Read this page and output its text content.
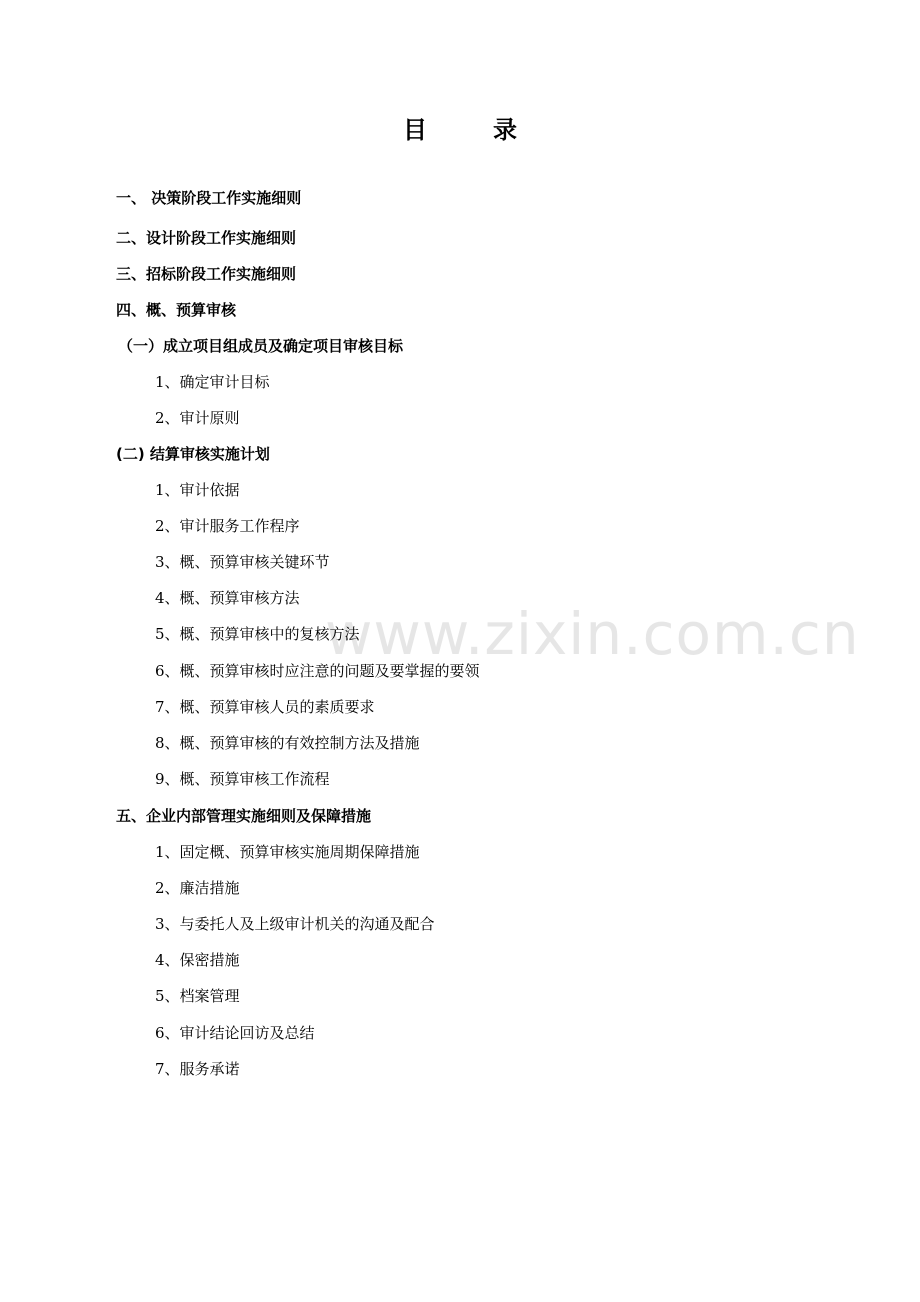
www.zixin.com.cn
目	录
一、 决策阶段工作实施细则
二、设计阶段工作实施细则
三、招标阶段工作实施细则
四、概、预算审核
（一）成立项目组成员及确定项目审核目标
1、确定审计目标
2、审计原则
(二) 结算审核实施计划
1、审计依据
2、审计服务工作程序
3、概、预算审核关键环节
4、概、预算审核方法
5、概、预算审核中的复核方法
6、概、预算审核时应注意的问题及要掌握的要领
7、概、预算审核人员的素质要求
8、概、预算审核的有效控制方法及措施
9、概、预算审核工作流程
五、企业内部管理实施细则及保障措施
1、固定概、预算审核实施周期保障措施
2、廉洁措施
3、与委托人及上级审计机关的沟通及配合
4、保密措施
5、档案管理
6、审计结论回访及总结
7、服务承诺
